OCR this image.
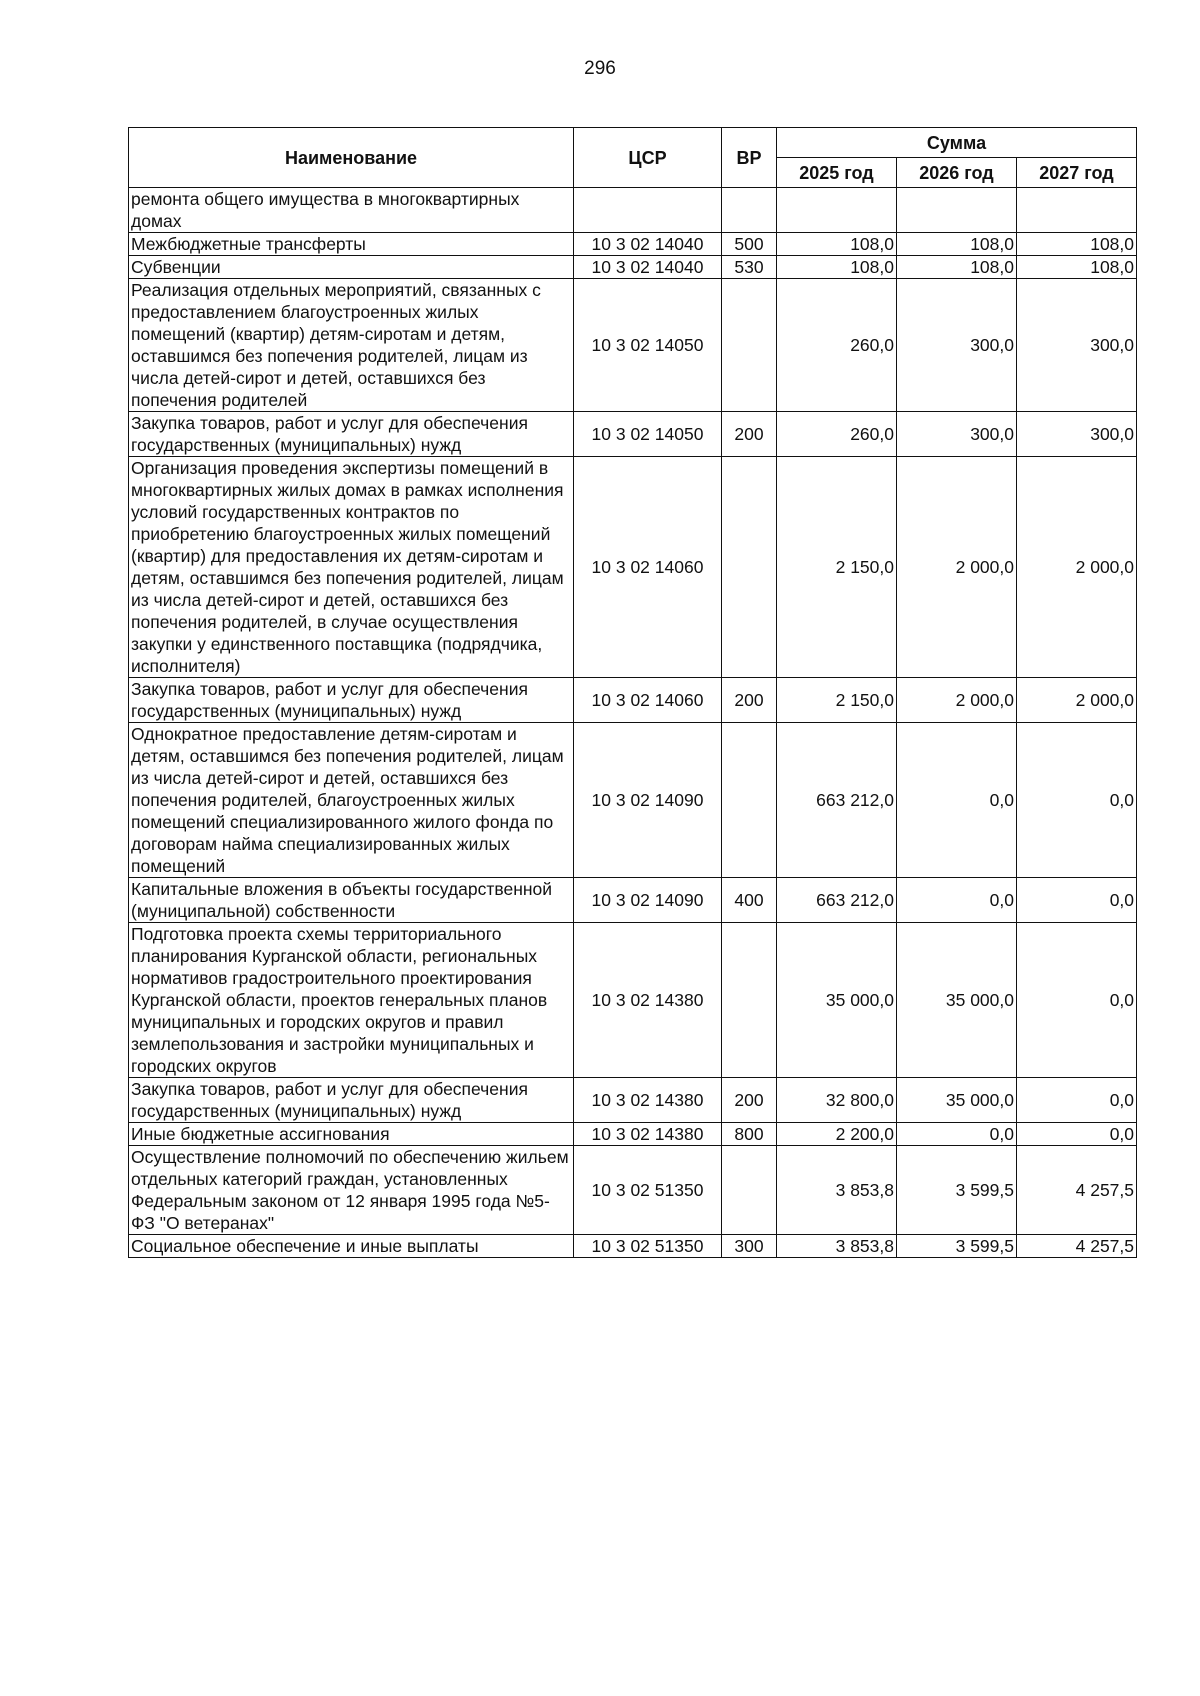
296
Наименование	ЦСР	ВР	Сумма		
			2025 год	2026 год	2027 год
ремонта общего имущества в многоквартирных домах					
Межбюджетные трансферты	10 3 02 14040	500	108,0	108,0	108,0
Субвенции	10 3 02 14040	530	108,0	108,0	108,0
Реализация отдельных мероприятий, связанных с предоставлением благоустроенных жилых помещений (квартир) детям-сиротам и детям, оставшимся без попечения родителей, лицам из числа детей-сирот и детей, оставшихся без попечения родителей	10 3 02 14050		260,0	300,0	300,0
Закупка товаров, работ и услуг для обеспечения государственных (муниципальных) нужд	10 3 02 14050	200	260,0	300,0	300,0
Организация проведения экспертизы помещений в многоквартирных жилых домах в рамках исполнения условий государственных контрактов по приобретению благоустроенных жилых помещений (квартир) для предоставления их детям-сиротам и детям, оставшимся без попечения родителей, лицам из числа детей-сирот и детей, оставшихся без попечения родителей, в случае осуществления закупки у единственного поставщика (подрядчика, исполнителя)	10 3 02 14060		2 150,0	2 000,0	2 000,0
Закупка товаров, работ и услуг для обеспечения государственных (муниципальных) нужд	10 3 02 14060	200	2 150,0	2 000,0	2 000,0
Однократное предоставление детям-сиротам и детям, оставшимся без попечения родителей, лицам из числа детей-сирот и детей, оставшихся без попечения родителей, благоустроенных жилых помещений специализированного жилого фонда по договорам найма специализированных жилых помещений	10 3 02 14090		663 212,0	0,0	0,0
Капитальные вложения в объекты государственной (муниципальной) собственности	10 3 02 14090	400	663 212,0	0,0	0,0
Подготовка проекта схемы территориального планирования Курганской области, региональных нормативов градостроительного проектирования Курганской области, проектов генеральных планов муниципальных и городских округов и правил землепользования и застройки муниципальных и городских округов	10 3 02 14380		35 000,0	35 000,0	0,0
Закупка товаров, работ и услуг для обеспечения государственных (муниципальных) нужд	10 3 02 14380	200	32 800,0	35 000,0	0,0
Иные бюджетные ассигнования	10 3 02 14380	800	2 200,0	0,0	0,0
Осуществление полномочий по обеспечению жильем отдельных категорий граждан, установленных Федеральным законом от 12 января 1995 года №5-ФЗ "О ветеранах"	10 3 02 51350		3 853,8	3 599,5	4 257,5
Социальное обеспечение и иные выплаты	10 3 02 51350	300	3 853,8	3 599,5	4 257,5
